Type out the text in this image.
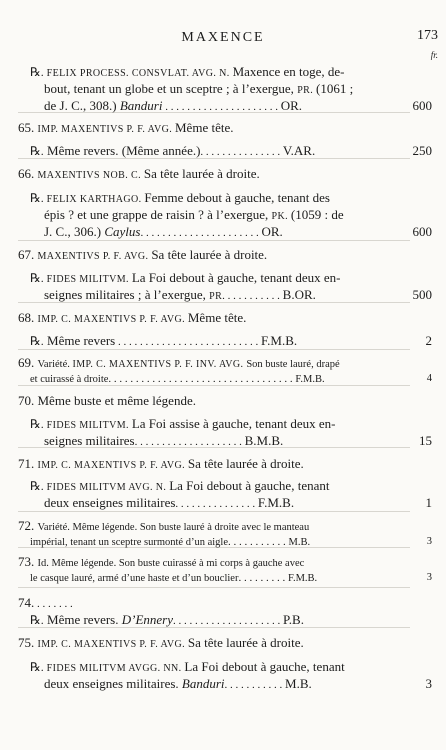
MAXENCE	173
fr.
℞. FELIX PROCESS. CONSVLAT. AVG. N. Maxence en toge, de-
bout, tenant un globe et un sceptre ; à l’exergue, PR. (1061 ;
de J. C., 308.) Banduri . . . . . . . . . . . . . . . . . . . . . OR.	600
65. IMP. MAXENTIVS P. F. AVG. Même tête.
℞. Même revers. (Même année.). . . . . . . . . . . . . . . V.AR.	250
66. MAXENTIVS NOB. C. Sa tête laurée à droite.
℞. FELIX KARTHAGO. Femme debout à gauche, tenant des
épis ? et une grappe de raisin ? à l’exergue, PK. (1059 : de
J. C., 306.) Caylus. . . . . . . . . . . . . . . . . . . . . . OR.	600
67. MAXENTIVS P. F. AVG. Sa tête laurée à droite.
℞. FIDES MILITVM. La Foi debout à gauche, tenant deux en-
seignes militaires ; à l’exergue, PR. . . . . . . . . . . B.OR.	500
68. IMP. C. MAXENTIVS P. F. AVG. Même tête.
℞. Même revers . . . . . . . . . . . . . . . . . . . . . . . . . . F.M.B.	2
69. Variété. IMP. C. MAXENTIVS P. F. INV. AVG. Son buste lauré, drapé
et cuirassé à droite. . . . . . . . . . . . . . . . . . . . . . . . . . . . . . . . . . F.M.B.	4
70. Même buste et même légende.
℞. FIDES MILITVM. La Foi assise à gauche, tenant deux en-
seignes militaires. . . . . . . . . . . . . . . . . . . . B.M.B.	15
71. IMP. C. MAXENTIVS P. F. AVG. Sa tête laurée à droite.
℞. FIDES MILITVM AVG. N. La Foi debout à gauche, tenant
deux enseignes militaires. . . . . . . . . . . . . . . F.M.B.	1
72. Variété. Même légende. Son buste lauré à droite avec le manteau
impérial, tenant un sceptre surmonté d’un aigle. . . . . . . . . . . M.B.	3
73. Id. Même légende. Son buste cuirassé à mi corps à gauche avec
le casque lauré, armé d’une haste et d’un bouclier. . . . . . . . . F.M.B.	3
74. . . . . . . .
℞. Même revers. D’Ennery. . . . . . . . . . . . . . . . . . . . P.B.
75. IMP. C. MAXENTIVS P. F. AVG. Sa tête laurée à droite.
℞. FIDES MILITVM AVGG. NN. La Foi debout à gauche, tenant
deux enseignes militaires. Banduri. . . . . . . . . . . M.B.	3
